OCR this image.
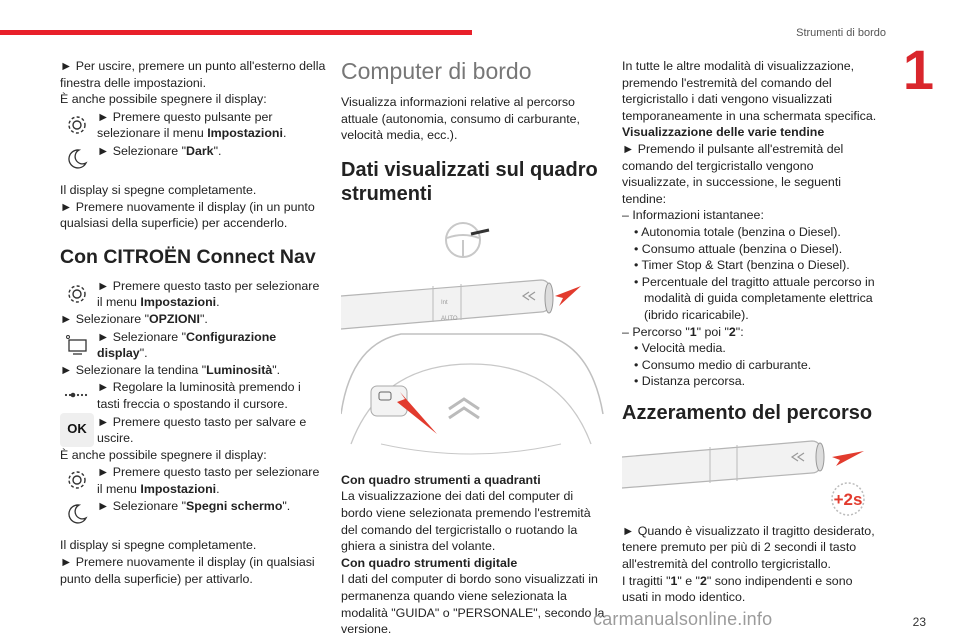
Strumenti di bordo
1

► Per uscire, premere un punto all'esterno della finestra delle impostazioni.

È anche possibile spegnere il display:

► Premere questo pulsante per selezionare il menu Impostazioni.
► Selezionare "Dark".

Il display si spegne completamente.

► Premere nuovamente il display (in un punto qualsiasi della superficie) per accenderlo.

Con CITROËN Connect Nav
► Premere questo tasto per selezionare il menu Impostazioni.

► Selezionare "OPZIONI".

► Selezionare "Configurazione display".

► Selezionare la tendina "Luminosità".

► Regolare la luminosità premendo i tasti freccia o spostando il cursore.
OK ► Premere questo tasto per salvare e uscire.

È anche possibile spegnere il display:

► Premere questo tasto per selezionare il menu Impostazioni.
► Selezionare "Spegni schermo".

Il display si spegne completamente.

► Premere nuovamente il display (in qualsiasi punto della superficie) per attivarlo.

Computer di bordo

Visualizza informazioni relative al percorso attuale (autonomia, consumo di carburante, velocità media, ecc.).

Dati visualizzati sul quadro strumenti
Int
AUTO

Con quadro strumenti a quadranti

La visualizzazione dei dati del computer di bordo viene selezionata premendo l'estremità del comando del tergicristallo o ruotando la ghiera a sinistra del volante.

Con quadro strumenti digitale

I dati del computer di bordo sono visualizzati in permanenza quando viene selezionata la modalità "GUIDA" o "PERSONALE", secondo la versione.

In tutte le altre modalità di visualizzazione, premendo l'estremità del comando del tergicristallo i dati vengono visualizzati temporaneamente in una schermata specifica.

Visualizzazione delle varie tendine

► Premendo il pulsante all'estremità del comando del tergicristallo vengono visualizzate, in successione, le seguenti tendine:

– Informazioni istantanee:

• Autonomia totale (benzina o Diesel).

• Consumo attuale (benzina o Diesel).

• Timer Stop & Start (benzina o Diesel).

• Percentuale del tragitto attuale percorso in modalità di guida completamente elettrica (ibrido ricaricabile).

– Percorso "1" poi "2":

• Velocità media.

• Consumo medio di carburante.

• Distanza percorsa.

Azzeramento del percorso
+2s

► Quando è visualizzato il tragitto desiderato, tenere premuto per più di 2 secondi il tasto all'estremità del controllo tergicristallo.

I tragitti "1" e "2" sono indipendenti e sono usati in modo identico.

carmanualsonline.info	23
